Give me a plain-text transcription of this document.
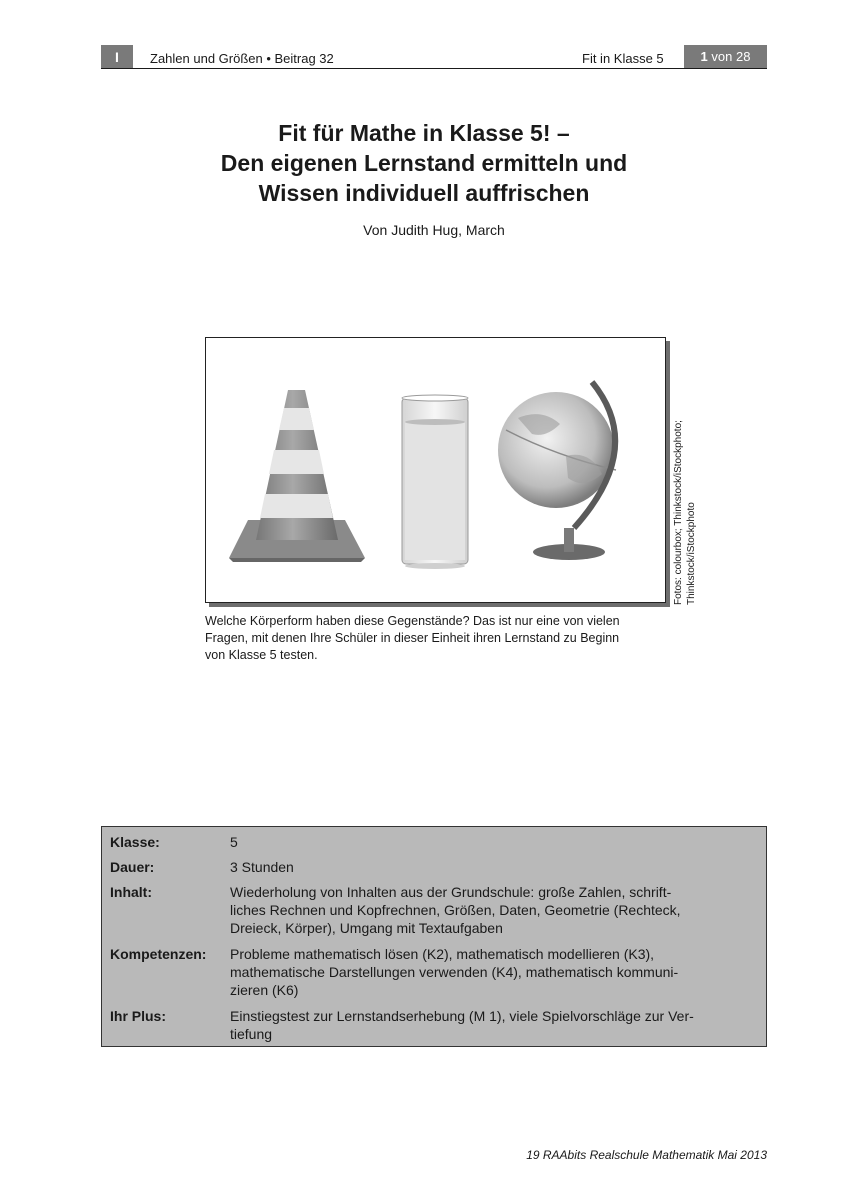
I	Zahlen und Größen • Beitrag 32	Fit in Klasse 5	1 von 28
Fit für Mathe in Klasse 5! –
Den eigenen Lernstand ermitteln und
Wissen individuell auffrischen
Von Judith Hug, March
Fotos: colourbox; Thinkstock/iStockphoto; Thinkstock/iStockphoto
Welche Körperform haben diese Gegenstände? Das ist nur eine von vielen
Fragen, mit denen Ihre Schüler in dieser Einheit ihren Lernstand zu Beginn
von Klasse 5 testen.
Klasse:	5
Dauer:	3 Stunden
Inhalt:	Wiederholung von Inhalten aus der Grundschule: große Zahlen, schrift-
liches Rechnen und Kopfrechnen, Größen, Daten, Geometrie (Rechteck,
Dreieck, Körper), Umgang mit Textaufgaben
Kompetenzen: Probleme mathematisch lösen (K2), mathematisch modellieren (K3),
mathematische Darstellungen verwenden (K4), mathematisch kommuni-
zieren (K6)
Ihr Plus:	Einstiegstest zur Lernstandserhebung (M 1), viele Spielvorschläge zur Ver-
tiefung
19 RAAbits Realschule Mathematik Mai 2013
